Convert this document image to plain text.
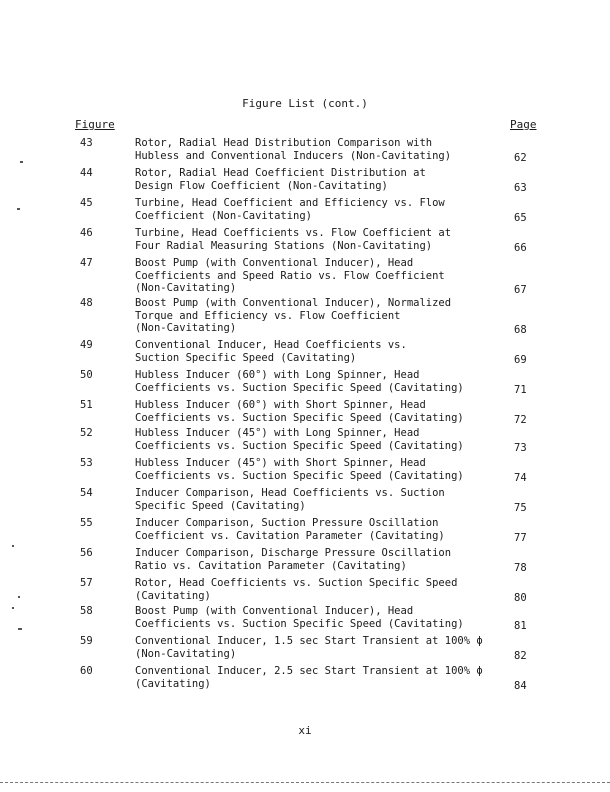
Figure List (cont.)
Figure	Page
43	Rotor, Radial Head Distribution Comparison with
Hubless and Conventional Inducers (Non-Cavitating)	62
44	Rotor, Radial Head Coefficient Distribution at
Design Flow Coefficient (Non-Cavitating)	63
45	Turbine, Head Coefficient and Efficiency vs. Flow
Coefficient (Non-Cavitating)	65
46	Turbine, Head Coefficients vs. Flow Coefficient at
Four Radial Measuring Stations (Non-Cavitating)	66
47	Boost Pump (with Conventional Inducer), Head
Coefficients and Speed Ratio vs. Flow Coefficient
(Non-Cavitating)	67
48	Boost Pump (with Conventional Inducer), Normalized
Torque and Efficiency vs. Flow Coefficient
(Non-Cavitating)	68
49	Conventional Inducer, Head Coefficients vs.
Suction Specific Speed (Cavitating)	69
50	Hubless Inducer (60°) with Long Spinner, Head
Coefficients vs. Suction Specific Speed (Cavitating)	71
51	Hubless Inducer (60°) with Short Spinner, Head
Coefficients vs. Suction Specific Speed (Cavitating)	72
52	Hubless Inducer (45°) with Long Spinner, Head
Coefficients vs. Suction Specific Speed (Cavitating)	73
53	Hubless Inducer (45°) with Short Spinner, Head
Coefficients vs. Suction Specific Speed (Cavitating)	74
54	Inducer Comparison, Head Coefficients vs. Suction
Specific Speed (Cavitating)	75
55	Inducer Comparison, Suction Pressure Oscillation
Coefficient vs. Cavitation Parameter (Cavitating)	77
56	Inducer Comparison, Discharge Pressure Oscillation
Ratio vs. Cavitation Parameter (Cavitating)	78
57	Rotor, Head Coefficients vs. Suction Specific Speed
(Cavitating)	80
58	Boost Pump (with Conventional Inducer), Head
Coefficients vs. Suction Specific Speed (Cavitating)	81
59	Conventional Inducer, 1.5 sec Start Transient at 100% ϕ
(Non-Cavitating)	82
60	Conventional Inducer, 2.5 sec Start Transient at 100% ϕ
(Cavitating)	84
xi
